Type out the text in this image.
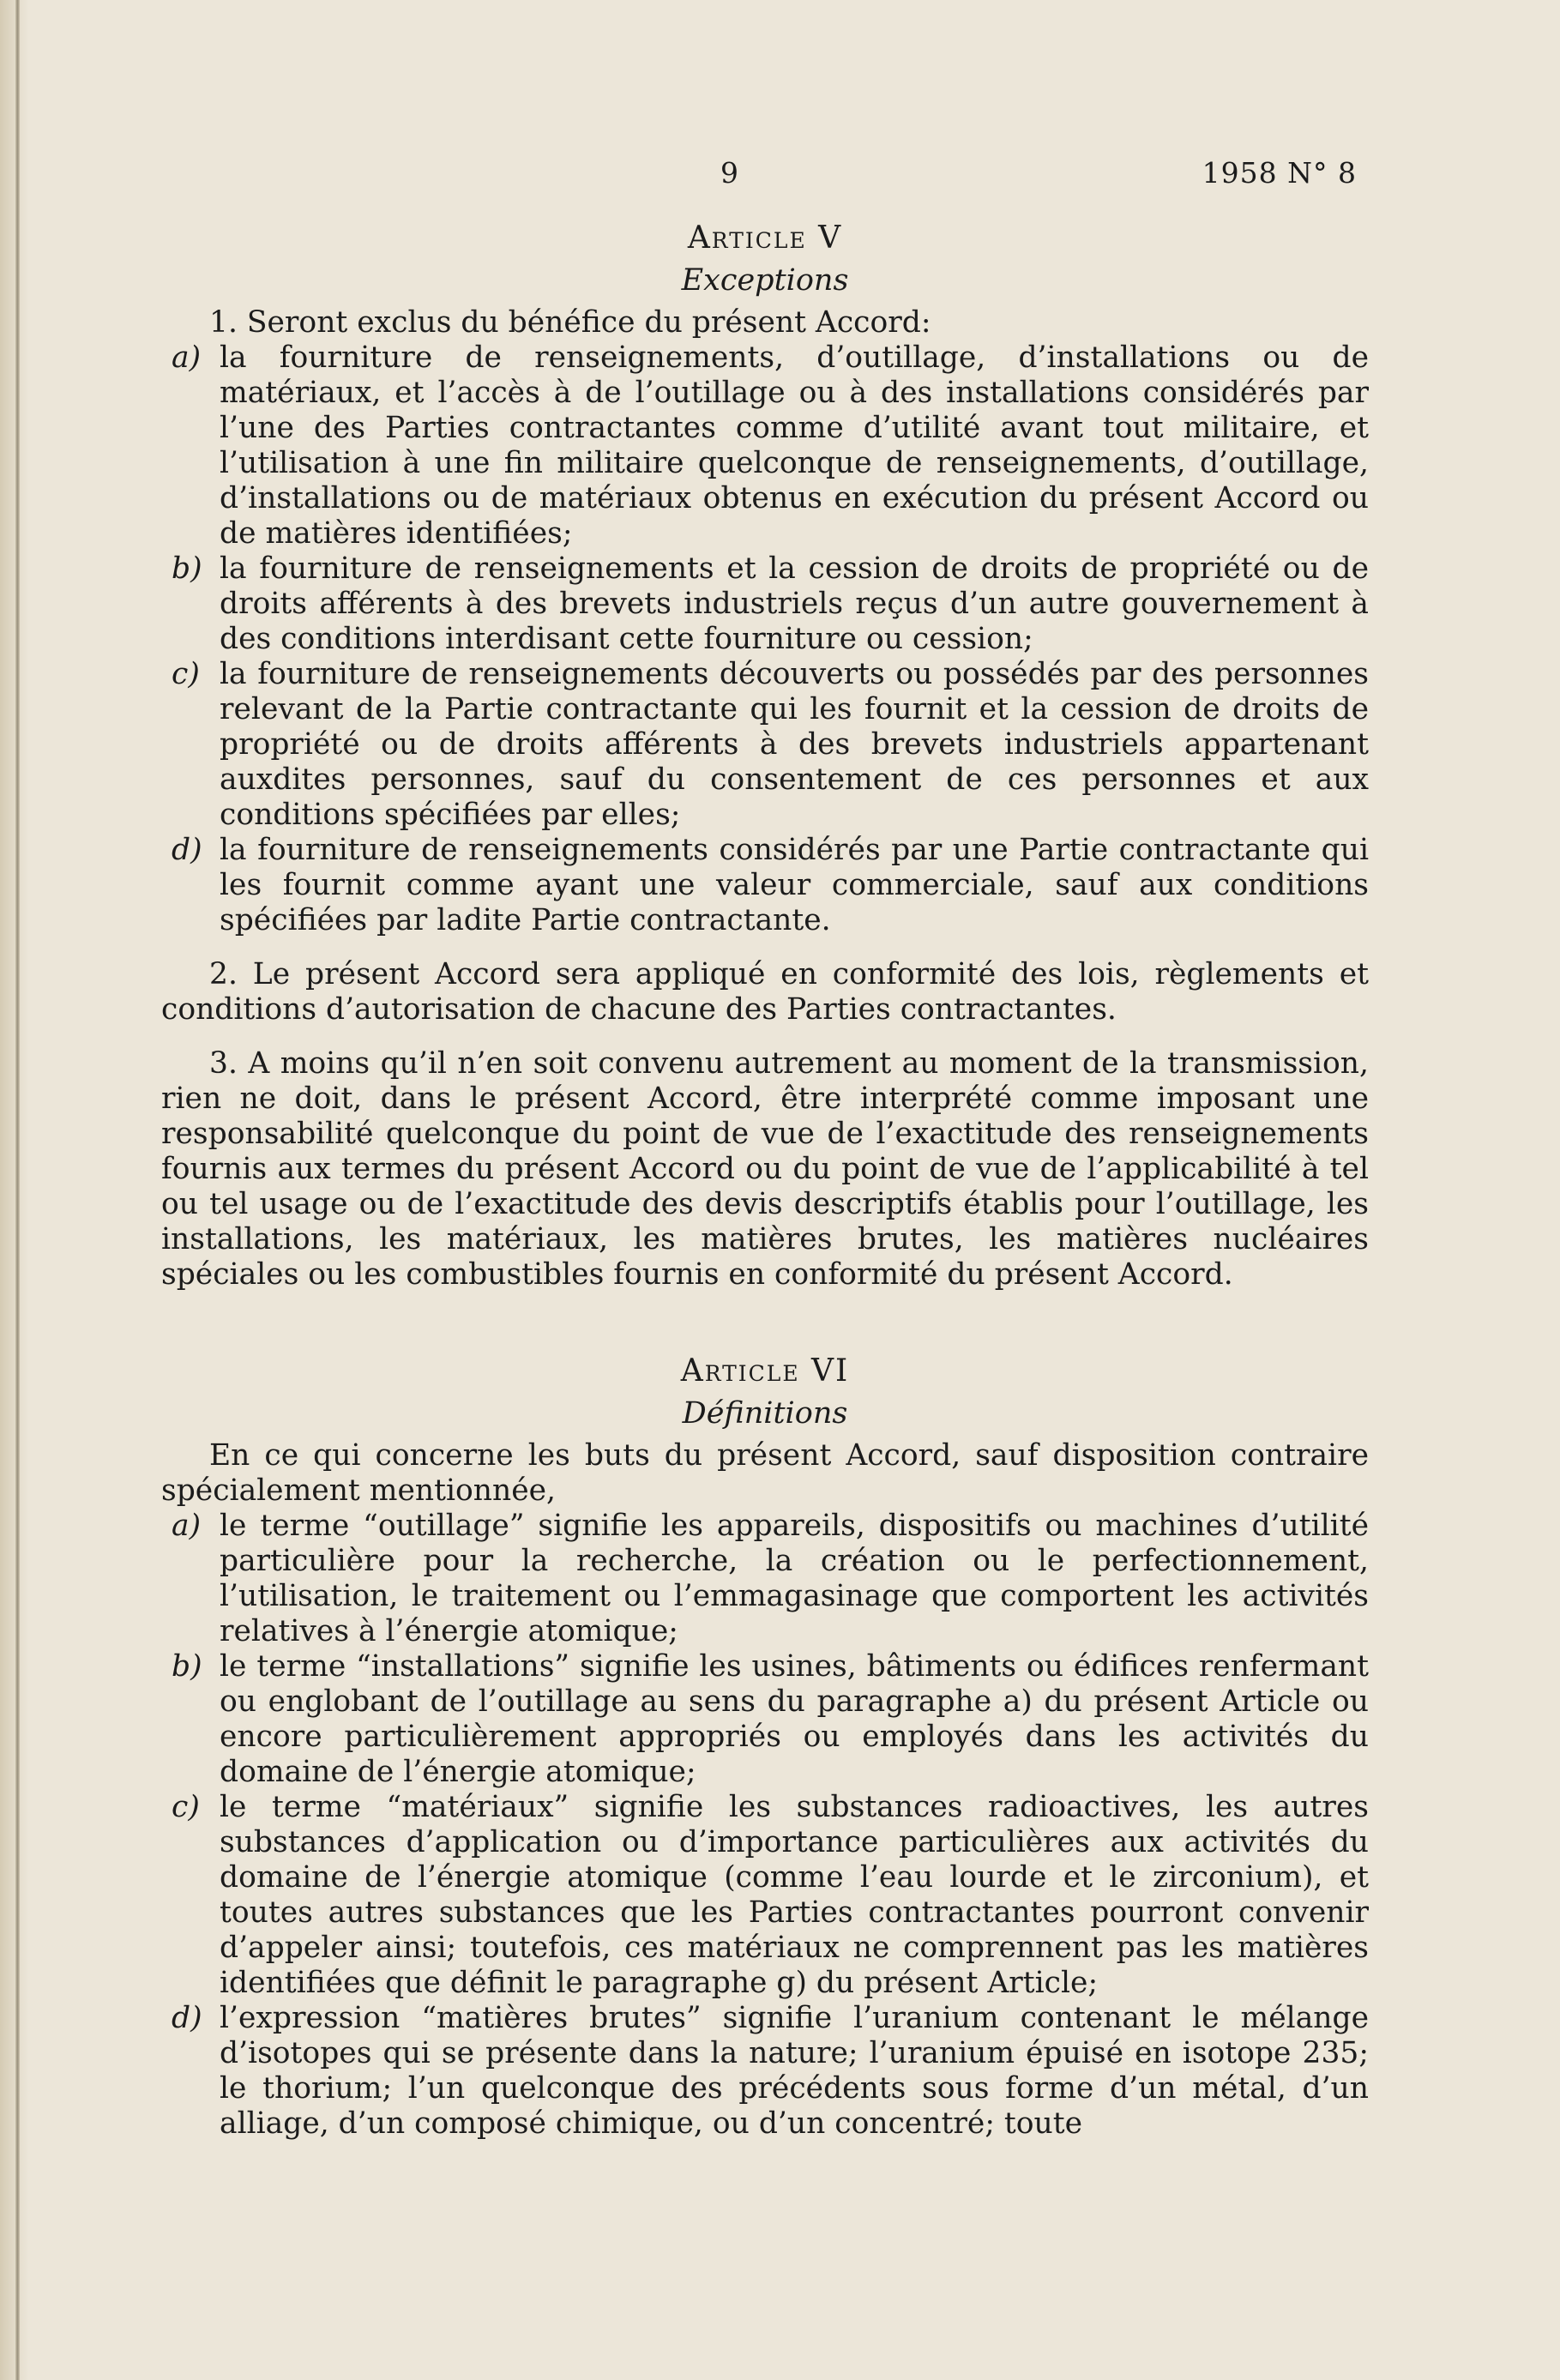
9	1958 N° 8
Article V
Exceptions

1. Seront exclus du bénéfice du présent Accord:

a) la fourniture de renseignements, d’outillage, d’installations ou de matériaux, et l’accès à de l’outillage ou à des installations considérés par l’une des Parties contractantes comme d’utilité avant tout militaire, et l’utilisation à une fin militaire quelconque de renseignements, d’outillage, d’installations ou de matériaux obtenus en exécution du présent Accord ou de matières identifiées;
b) la fourniture de renseignements et la cession de droits de propriété ou de droits afférents à des brevets industriels reçus d’un autre gouvernement à des conditions interdisant cette fourniture ou cession;
c) la fourniture de renseignements découverts ou possédés par des personnes relevant de la Partie contractante qui les fournit et la cession de droits de propriété ou de droits afférents à des brevets industriels appartenant auxdites personnes, sauf du consentement de ces personnes et aux conditions spécifiées par elles;
d) la fourniture de renseignements considérés par une Partie contractante qui les fournit comme ayant une valeur commerciale, sauf aux conditions spécifiées par ladite Partie contractante.

2. Le présent Accord sera appliqué en conformité des lois, règlements et conditions d’autorisation de chacune des Parties contractantes.

3. A moins qu’il n’en soit convenu autrement au moment de la transmission, rien ne doit, dans le présent Accord, être interprété comme imposant une responsabilité quelconque du point de vue de l’exactitude des renseignements fournis aux termes du présent Accord ou du point de vue de l’applicabilité à tel ou tel usage ou de l’exactitude des devis descriptifs établis pour l’outillage, les installations, les matériaux, les matières brutes, les matières nucléaires spéciales ou les combustibles fournis en conformité du présent Accord.

Article VI
Définitions

En ce qui concerne les buts du présent Accord, sauf disposition contraire spécialement mentionnée,

a) le terme “outillage” signifie les appareils, dispositifs ou machines d’utilité particulière pour la recherche, la création ou le perfectionnement, l’utilisation, le traitement ou l’emmagasinage que comportent les activités relatives à l’énergie atomique;
b) le terme “installations” signifie les usines, bâtiments ou édifices renfermant ou englobant de l’outillage au sens du paragraphe a) du présent Article ou encore particulièrement appropriés ou employés dans les activités du domaine de l’énergie atomique;
c) le terme “matériaux” signifie les substances radioactives, les autres substances d’application ou d’importance particulières aux activités du domaine de l’énergie atomique (comme l’eau lourde et le zirconium), et toutes autres substances que les Parties contractantes pourront convenir d’appeler ainsi; toutefois, ces matériaux ne comprennent pas les matières identifiées que définit le paragraphe g) du présent Article;
d) l’expression “matières brutes” signifie l’uranium contenant le mélange d’isotopes qui se présente dans la nature; l’uranium épuisé en isotope 235; le thorium; l’un quelconque des précédents sous forme d’un métal, d’un alliage, d’un composé chimique, ou d’un concentré; toute
